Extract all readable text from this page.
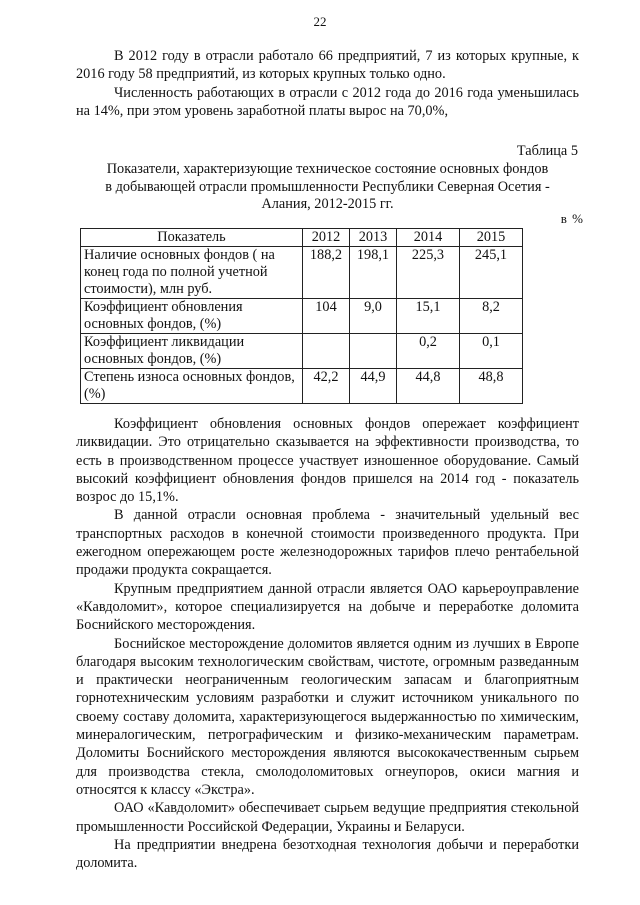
22

В 2012 году в отрасли работало 66 предприятий, 7 из которых крупные, к 2016 году 58 предприятий, из которых крупных только одно.

Численность работающих в отрасли с 2012 года до 2016 года уменьшилась на 14%, при этом уровень заработной платы вырос на 70,0%,

Таблица 5
Показатели, характеризующие техническое состояние основных фондов
в добывающей отрасли промышленности Республики Северная Осетия -
Алания, 2012-2015 гг.
в %
Показатель	2012	2013	2014	2015
Наличие основных фондов ( на конец года по полной учетной стоимости), млн руб.	188,2	198,1	225,3	245,1
Коэффициент обновления основных фондов, (%)	104	9,0	15,1	8,2
Коэффициент ликвидации основных фондов, (%)			0,2	0,1
Степень износа основных фондов, (%)	42,2	44,9	44,8	48,8

Коэффициент обновления основных фондов опережает коэффициент ликвидации. Это отрицательно сказывается на эффективности производства, то есть в производственном процессе участвует изношенное оборудование. Самый высокий коэффициент обновления фондов пришелся на 2014 год - показатель возрос до 15,1%.

В данной отрасли основная проблема - значительный удельный вес транспортных расходов в конечной стоимости произведенного продукта. При ежегодном опережающем росте железнодорожных тарифов плечо рентабельной продажи продукта сокращается.

Крупным предприятием данной отрасли является ОАО карьероуправление «Кавдоломит», которое специализируется на добыче и переработке доломита Боснийского месторождения.

Боснийское месторождение доломитов является одним из лучших в Европе благодаря высоким технологическим свойствам, чистоте, огромным разведанным и практически неограниченным геологическим запасам и благоприятным горнотехническим условиям разработки и служит источником уникального по своему составу доломита, характеризующегося выдержанностью по химическим, минералогическим, петрографическим и физико-механическим параметрам. Доломиты Боснийского месторождения являются высококачественным сырьем для производства стекла, смолодоломитовых огнеупоров, окиси магния и относятся к классу «Экстра».

ОАО «Кавдоломит» обеспечивает сырьем ведущие предприятия стекольной промышленности Российской Федерации, Украины и Беларуси.

На предприятии внедрена безотходная технология добычи и переработки доломита.
